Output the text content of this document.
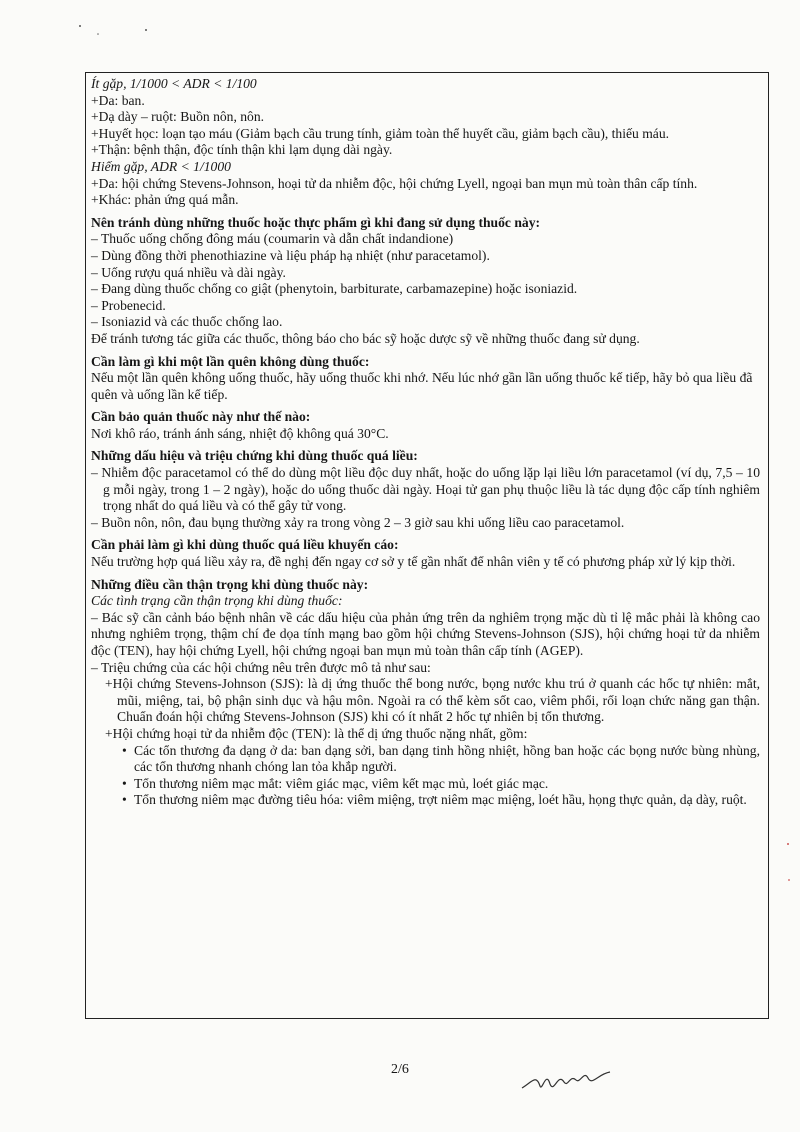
Ít gặp, 1/1000 < ADR < 1/100

+Da: ban.

+Dạ dày – ruột: Buồn nôn, nôn.

+Huyết học: loạn tạo máu (Giảm bạch cầu trung tính, giảm toàn thể huyết cầu, giảm bạch cầu), thiếu máu.

+Thận: bệnh thận, độc tính thận khi lạm dụng dài ngày.

Hiếm gặp, ADR < 1/1000

+Da: hội chứng Stevens-Johnson, hoại tử da nhiễm độc, hội chứng Lyell, ngoại ban mụn mủ toàn thân cấp tính.

+Khác: phản ứng quá mẫn.

Nên tránh dùng những thuốc hoặc thực phẩm gì khi đang sử dụng thuốc này:

– Thuốc uống chống đông máu (coumarin và dẫn chất indandione)

– Dùng đồng thời phenothiazine và liệu pháp hạ nhiệt (như paracetamol).

– Uống rượu quá nhiều và dài ngày.

– Đang dùng thuốc chống co giật (phenytoin, barbiturate, carbamazepine) hoặc isoniazid.

– Probenecid.

– Isoniazid và các thuốc chống lao.

Để tránh tương tác giữa các thuốc, thông báo cho bác sỹ hoặc dược sỹ về những thuốc đang sử dụng.

Cần làm gì khi một lần quên không dùng thuốc:

Nếu một lần quên không uống thuốc, hãy uống thuốc khi nhớ. Nếu lúc nhớ gần lần uống thuốc kế tiếp, hãy bỏ qua liều đã quên và uống lần kế tiếp.

Cần bảo quản thuốc này như thế nào:

Nơi khô ráo, tránh ánh sáng, nhiệt độ không quá 30°C.

Những dấu hiệu và triệu chứng khi dùng thuốc quá liều:

– Nhiễm độc paracetamol có thể do dùng một liều độc duy nhất, hoặc do uống lặp lại liều lớn paracetamol (ví dụ, 7,5 – 10 g mỗi ngày, trong 1 – 2 ngày), hoặc do uống thuốc dài ngày. Hoại tử gan phụ thuộc liều là tác dụng độc cấp tính nghiêm trọng nhất do quá liều và có thể gây tử vong.

– Buồn nôn, nôn, đau bụng thường xảy ra trong vòng 2 – 3 giờ sau khi uống liều cao paracetamol.

Cần phải làm gì khi dùng thuốc quá liều khuyến cáo:

Nếu trường hợp quá liều xảy ra, đề nghị đến ngay cơ sở y tế gần nhất để nhân viên y tế có phương pháp xử lý kịp thời.

Những điều cần thận trọng khi dùng thuốc này:

Các tình trạng cần thận trọng khi dùng thuốc:

– Bác sỹ cần cảnh báo bệnh nhân về các dấu hiệu của phản ứng trên da nghiêm trọng mặc dù tỉ lệ mắc phải là không cao nhưng nghiêm trọng, thậm chí đe dọa tính mạng bao gồm hội chứng Stevens-Johnson (SJS), hội chứng hoại tử da nhiễm độc (TEN), hay hội chứng Lyell, hội chứng ngoại ban mụn mủ toàn thân cấp tính (AGEP).

– Triệu chứng của các hội chứng nêu trên được mô tả như sau:

+Hội chứng Stevens-Johnson (SJS): là dị ứng thuốc thể bong nước, bọng nước khu trú ở quanh các hốc tự nhiên: mắt, mũi, miệng, tai, bộ phận sinh dục và hậu môn. Ngoài ra có thể kèm sốt cao, viêm phổi, rối loạn chức năng gan thận. Chuẩn đoán hội chứng Stevens-Johnson (SJS) khi có ít nhất 2 hốc tự nhiên bị tổn thương.

+Hội chứng hoại tử da nhiễm độc (TEN): là thể dị ứng thuốc nặng nhất, gồm:

• Các tổn thương đa dạng ở da: ban dạng sởi, ban dạng tinh hồng nhiệt, hồng ban hoặc các bọng nước bùng nhùng, các tổn thương nhanh chóng lan tỏa khắp người.
• Tổn thương niêm mạc mắt: viêm giác mạc, viêm kết mạc mủ, loét giác mạc.
• Tổn thương niêm mạc đường tiêu hóa: viêm miệng, trợt niêm mạc miệng, loét hầu, họng thực quản, dạ dày, ruột.
2/6
